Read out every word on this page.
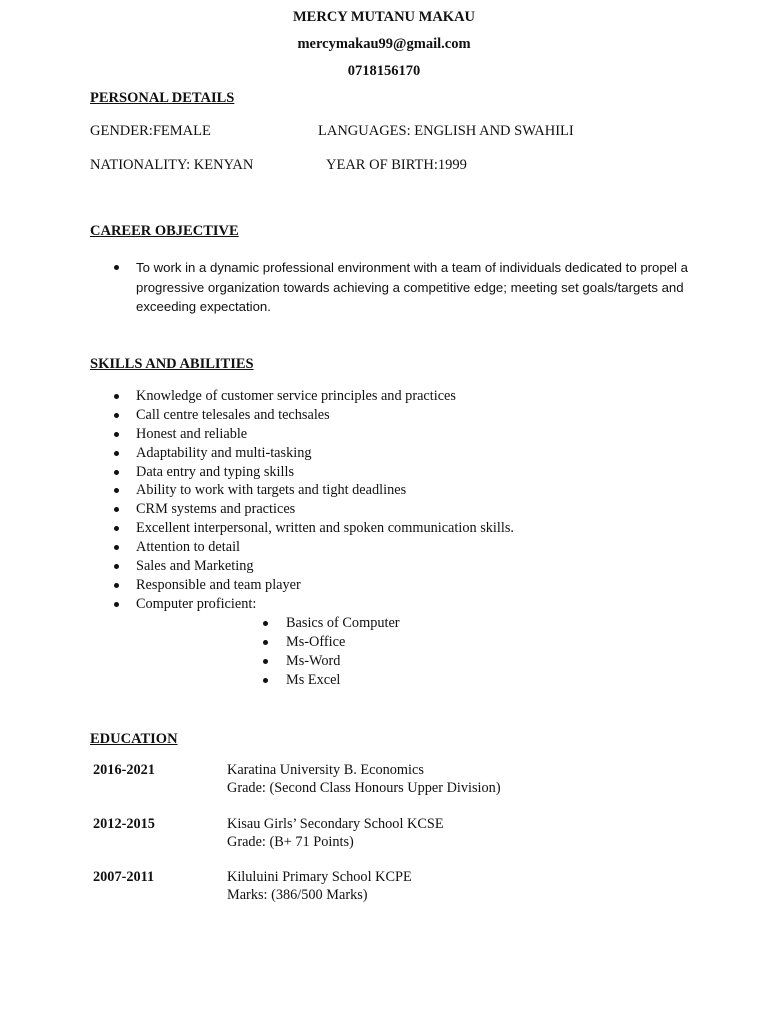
MERCY MUTANU MAKAU
mercymakau99@gmail.com
0718156170
PERSONAL DETAILS
GENDER:FEMALE	LANGUAGES: ENGLISH AND SWAHILI
NATIONALITY: KENYAN	YEAR OF BIRTH:1999
CAREER OBJECTIVE
To work in a dynamic professional environment with a team of individuals dedicated to propel a progressive organization towards achieving a competitive edge; meeting set goals/targets and exceeding expectation.
SKILLS AND ABILITIES
Knowledge of customer service principles and practices
Call centre telesales and techsales
Honest and reliable
Adaptability and multi-tasking
Data entry and typing skills
Ability to work with targets and tight deadlines
CRM systems and practices
Excellent interpersonal, written and spoken communication skills.
Attention to detail
Sales and Marketing
Responsible and team player
Computer proficient:
Basics of Computer
Ms-Office
Ms-Word
Ms Excel
EDUCATION
2016-2021	Karatina University B. Economics
Grade: (Second Class Honours Upper Division)
2012-2015	Kisau Girls’ Secondary School KCSE
Grade: (B+ 71 Points)
2007-2011	Kiluluini Primary School KCPE
Marks: (386/500 Marks)
